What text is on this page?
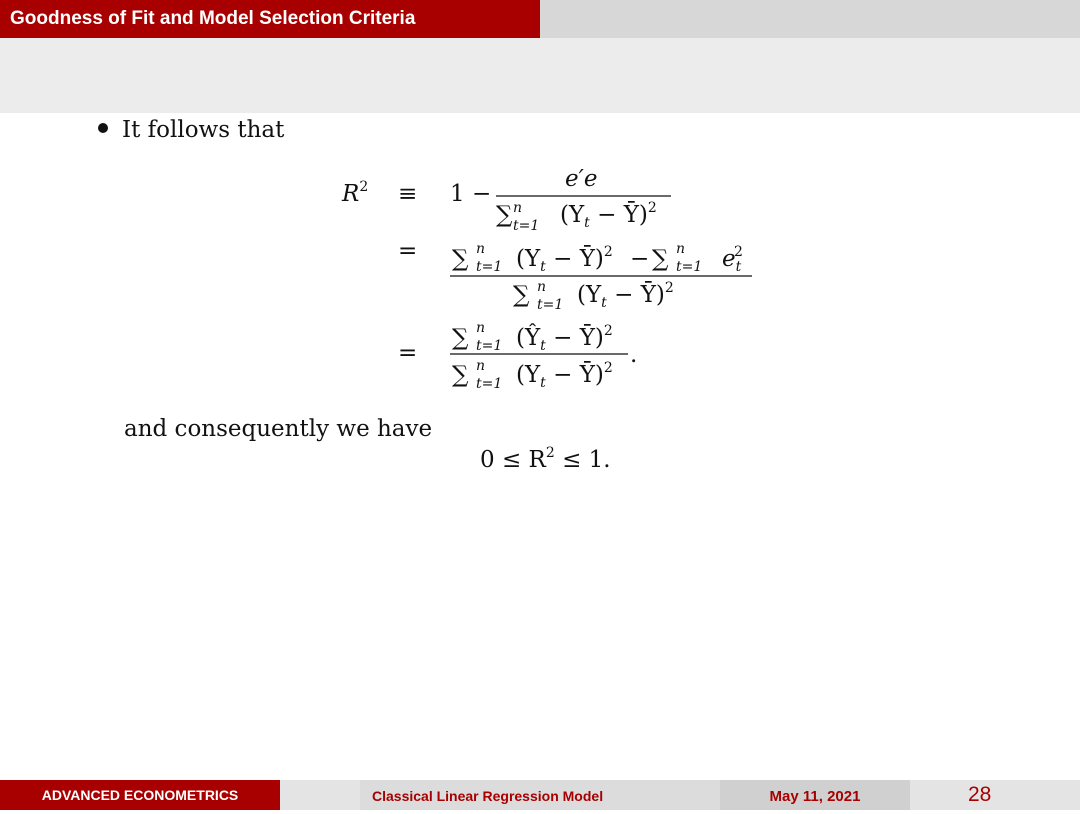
Goodness of Fit and Model Selection Criteria
It follows that
$R^2$ ≡
=
=
1 −
e′e
∑ n
t=1 ($Y_t$ − Ȳ)$^2$
∑ n
t=1 ($Y_t$ − Ȳ)$^2$ − ∑ n
t=1 $e_t$
2
∑ n
t=1 ($Y_t$ − Ȳ)$^2$
∑ n
t=1 ($Ŷ_t$ − Ȳ)$^2$
∑ n
t=1 ($Y_t$ − Ȳ)$^2$ .
$0 \le R^2 \le 1$.
and consequently we have
ADVANCED ECONOMETRICS	Classical Linear Regression Model	May 11, 2021	28
